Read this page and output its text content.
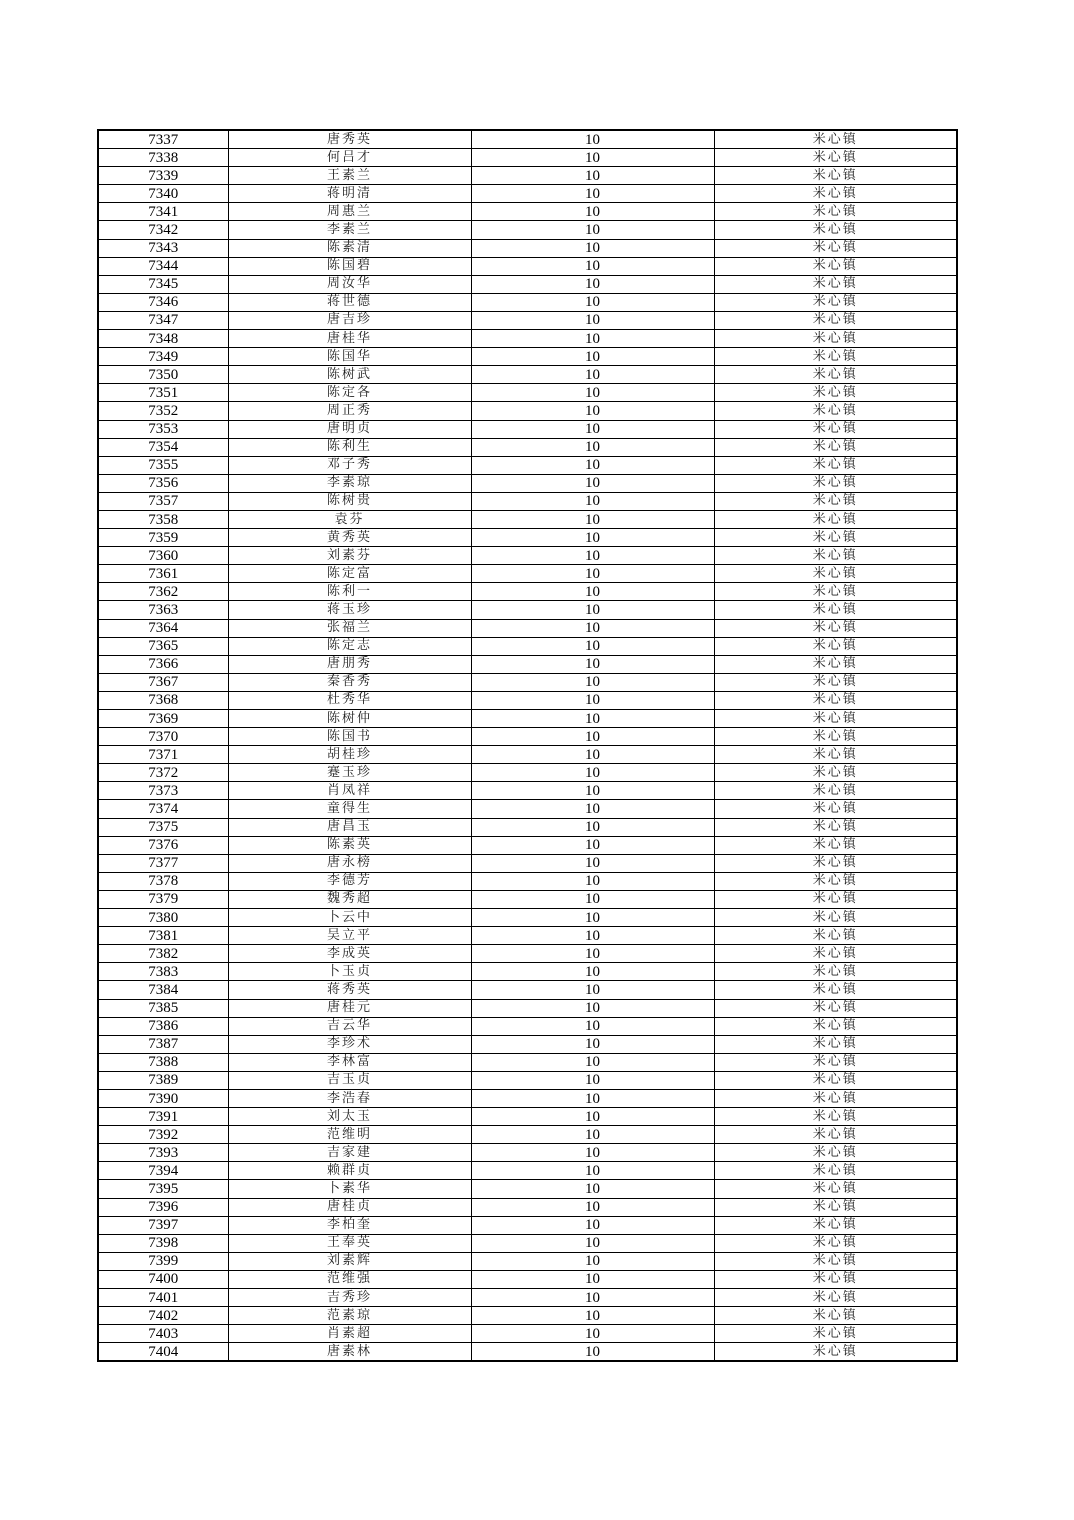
7337	唐秀英	10	米心镇
7338	何吕才	10	米心镇
7339	王素兰	10	米心镇
7340	蒋明清	10	米心镇
7341	周惠兰	10	米心镇
7342	李素兰	10	米心镇
7343	陈素清	10	米心镇
7344	陈国碧	10	米心镇
7345	周汝华	10	米心镇
7346	蒋世德	10	米心镇
7347	唐吉珍	10	米心镇
7348	唐桂华	10	米心镇
7349	陈国华	10	米心镇
7350	陈树武	10	米心镇
7351	陈定各	10	米心镇
7352	周正秀	10	米心镇
7353	唐明贞	10	米心镇
7354	陈利生	10	米心镇
7355	邓子秀	10	米心镇
7356	李素琼	10	米心镇
7357	陈树贵	10	米心镇
7358	袁芬	10	米心镇
7359	黄秀英	10	米心镇
7360	刘素芬	10	米心镇
7361	陈定富	10	米心镇
7362	陈利一	10	米心镇
7363	蒋玉珍	10	米心镇
7364	张福兰	10	米心镇
7365	陈定志	10	米心镇
7366	唐朋秀	10	米心镇
7367	秦香秀	10	米心镇
7368	杜秀华	10	米心镇
7369	陈树仲	10	米心镇
7370	陈国书	10	米心镇
7371	胡桂珍	10	米心镇
7372	蹇玉珍	10	米心镇
7373	肖凤祥	10	米心镇
7374	童得生	10	米心镇
7375	唐昌玉	10	米心镇
7376	陈素英	10	米心镇
7377	唐永榜	10	米心镇
7378	李德芳	10	米心镇
7379	魏秀超	10	米心镇
7380	卜云中	10	米心镇
7381	吴立平	10	米心镇
7382	李成英	10	米心镇
7383	卜玉贞	10	米心镇
7384	蒋秀英	10	米心镇
7385	唐桂元	10	米心镇
7386	吉云华	10	米心镇
7387	李珍术	10	米心镇
7388	李林富	10	米心镇
7389	吉玉贞	10	米心镇
7390	李浩春	10	米心镇
7391	刘太玉	10	米心镇
7392	范维明	10	米心镇
7393	吉家建	10	米心镇
7394	赖群贞	10	米心镇
7395	卜素华	10	米心镇
7396	唐桂贞	10	米心镇
7397	李柏奎	10	米心镇
7398	王奉英	10	米心镇
7399	刘素辉	10	米心镇
7400	范维强	10	米心镇
7401	吉秀珍	10	米心镇
7402	范素琼	10	米心镇
7403	肖素超	10	米心镇
7404	唐素林	10	米心镇
